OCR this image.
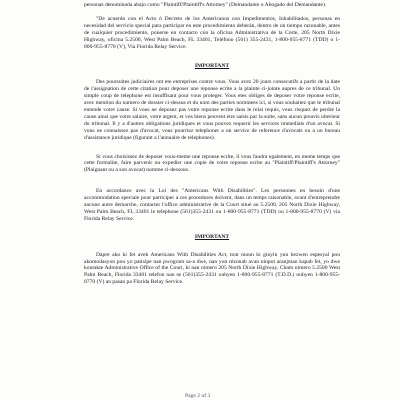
personas denominada abajo como "Plaintiff/Plaintiff's Attorney" (Demandante o Abogado del Demandante).

"De acuerdo con el Acto ó Decreto de los Americanos con Impedimentos, Inhabilitados, personas en necesidad del servicio special para participar en este procedimiento deberán, dentro de un tiempo razonable, antes de cualquier procedimiento, ponerse en contacto con la oficina Administrativa de la Corte, 205 North Dixie Highway, oficina 5.2500, West Palm Beach, FL 33401, Teléfono (561) 355-2431, 1-800-955-8771 (TDD) o 1-800-955-8770 (V), Via Florida Relay Service.

IMPORTANT

Des poursuites judiciaires ont ete entreprises contre vous. Vous avez 20 jours consecutifs a partir de la date de l'assignation de cette citation pour deposer une reponse ecrite a la plainte ci-jointe aupres de ce tribunal. Un simple coup de telephone est insuffisant pour vous proteger. Vous etes obliges de deposer votre reponse ecrite, avec mention du numero de dossier ci-dessus et du nom des parties nommees ici, si vous souhaitez que le tribunal entende votre cause. Si vous ne deposez pas votre reponse ecrite dans le relai requis, vous risquez de perdre la cause ainsi que votre salaire, votre argent, et vos biens peuvent etre saisis par la suite, sans aucun preavis ulterieur du tribunal. Il y a d'autres obligations juridiques et vous pouvez requerir les services immediats d'un avocat. Si vous ne connaissez pas d'avocat, vous pourriez telephoner a un service de reference d'avocats ou a un bureau d'assistance juridique (figurant a l'annuaire de telephones).

Si vous choisissez de deposer vous-meme une reponse ecrite, il vous faudra egalement, en meme temps que cette formalite, faire parvenir ou expedier une copie de votre reponse ecrite au "Plaintiff/Plaintiff's Attorney" (Plaignant ou a son avocat) nomme ci-dessous.

En accordance avec la Loi des "Americans With Disabilities". Les personnes en besoin d'une accommodation speciale pour participer a ces procedures doivent, dans un temps raisonable, avant d'entreprendre aucune autre demarche, contacter l'office administrative de la Court situé au 5.2500, 205 North Dixie Highway, West Palm Beach, FL 33401 le telephone (561)355-2431 ou 1-800-955-8771 (TDD) ou 1-800-955-8770 (V) via Florida Relay Service.

IMPORTANT

Dapre ako ki fet avek Americans With Disabilities Act, tout moun ki ginyin yun bezwen espesyal pou akomodasyon pou yo patisipe nan pwogram sa-a dwe, nan yun rézonab avan ninpot aranjman kapab fet, yo dwe kontakte Administrative Office of the Court, ki nan nimero 205 North Dixie Highway, Cham nimero 5.2500 West Palm Beach, Florida 33401 telefon nan se (561)355-2431 oubyen 1-800-955-8771 (T.D.D.) oubyen 1-800-955-8770 (V) an pasan pa Florida Relay Service.

Page 2 of 3
